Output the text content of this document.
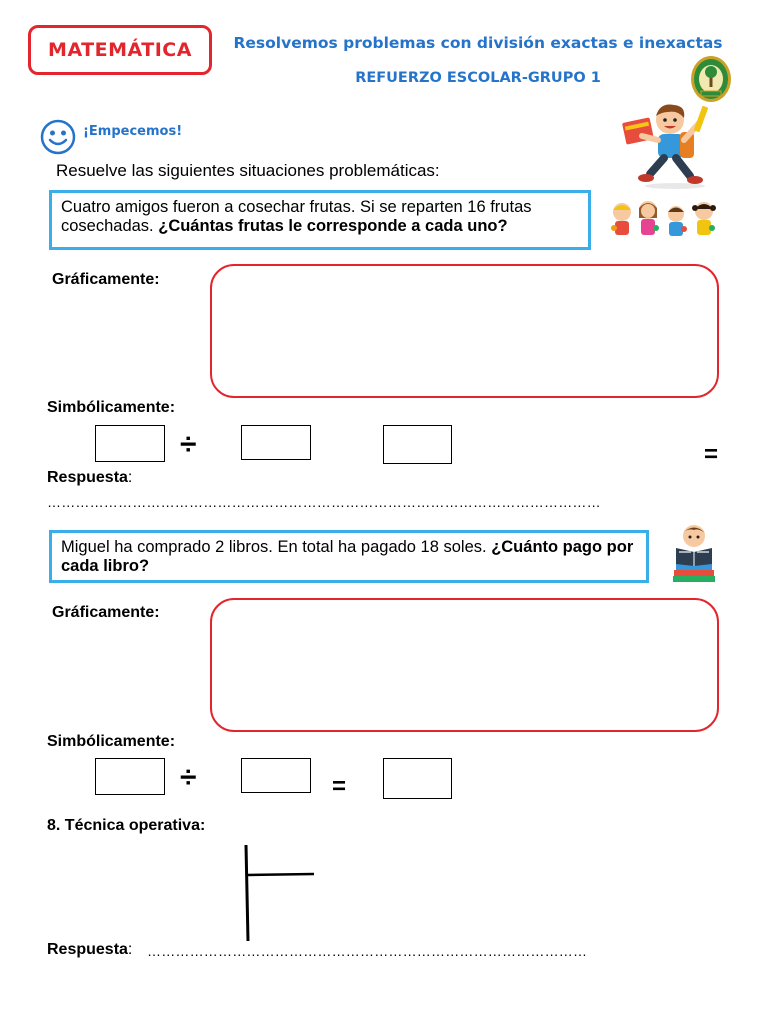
MATEMÁTICA	Resolvemos problemas con división exactas e inexactas
REFUERZO ESCOLAR-GRUPO 1
¡Empecemos!
Resuelve las siguientes situaciones problemáticas:
Cuatro amigos fueron a cosechar frutas. Si se reparten 16 frutas cosechadas. ¿Cuántas frutas le corresponde a cada uno?
Gráficamente:
Simbólicamente:
÷	=
Respuesta:
………………………………………………………………………………………………………
Miguel ha comprado 2 libros. En total ha pagado 18 soles. ¿Cuánto pago por cada libro?
Gráficamente:
Simbólicamente:
÷	=
8. Técnica operativa:
Respuesta: …………………………………………………………………………………
